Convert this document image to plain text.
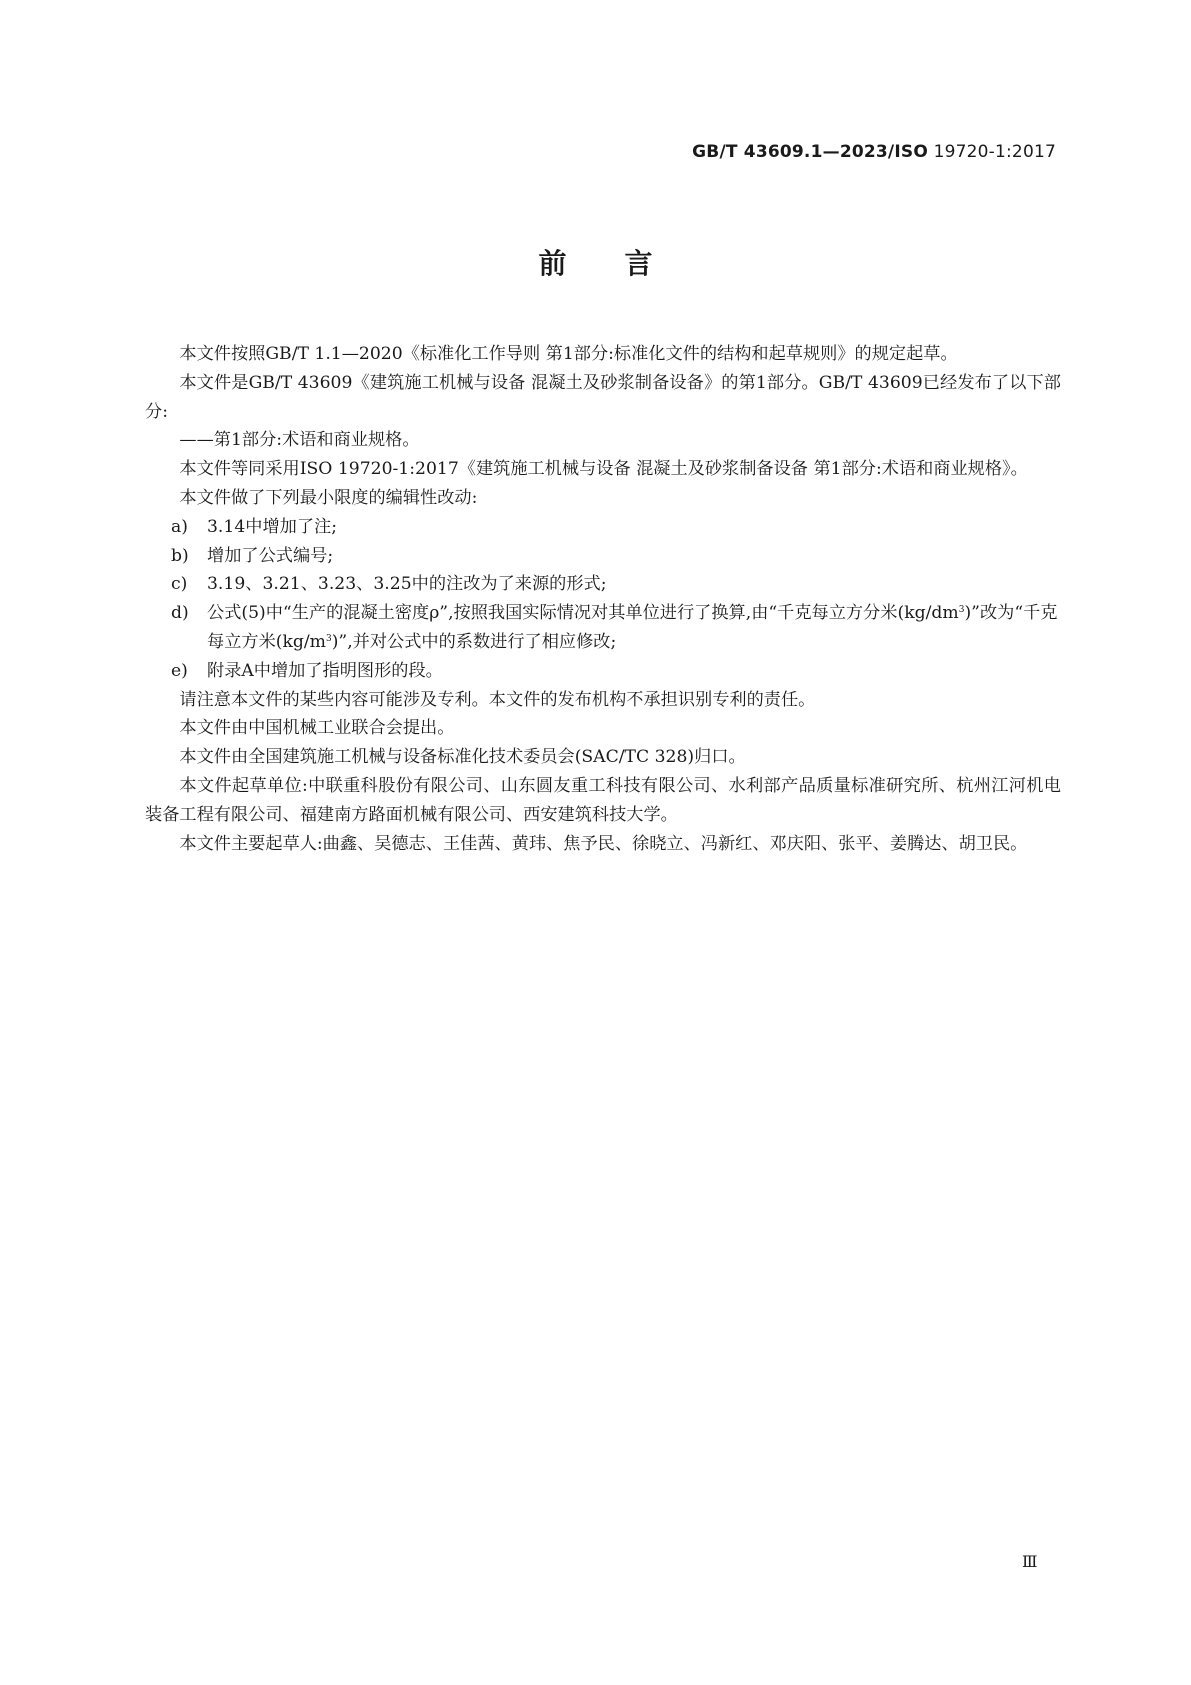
GB/T 43609.1—2023/ISO 19720-1:2017
前言

本文件按照GB/T 1.1—2020《标准化工作导则 第1部分:标准化文件的结构和起草规则》的规定起草。

本文件是GB/T 43609《建筑施工机械与设备 混凝土及砂浆制备设备》的第1部分。GB/T 43609已经发布了以下部分:

——第1部分:术语和商业规格。

本文件等同采用ISO 19720-1:2017《建筑施工机械与设备 混凝土及砂浆制备设备 第1部分:术语和商业规格》。

本文件做了下列最小限度的编辑性改动:

a) 3.14中增加了注;

b) 增加了公式编号;

c) 3.19、3.21、3.23、3.25中的注改为了来源的形式;

d) 公式(5)中“生产的混凝土密度ρ”,按照我国实际情况对其单位进行了换算,由“千克每立方分米$(kg/dm^3)$”改为“千克每立方米$(kg/m^3)$”,并对公式中的系数进行了相应修改;

e) 附录A中增加了指明图形的段。

请注意本文件的某些内容可能涉及专利。本文件的发布机构不承担识别专利的责任。

本文件由中国机械工业联合会提出。

本文件由全国建筑施工机械与设备标准化技术委员会(SAC/TC 328)归口。

本文件起草单位:中联重科股份有限公司、山东圆友重工科技有限公司、水利部产品质量标准研究所、杭州江河机电装备工程有限公司、福建南方路面机械有限公司、西安建筑科技大学。

本文件主要起草人:曲鑫、吴德志、王佳茜、黄玮、焦予民、徐晓立、冯新红、邓庆阳、张平、姜腾达、胡卫民。

Ⅲ
